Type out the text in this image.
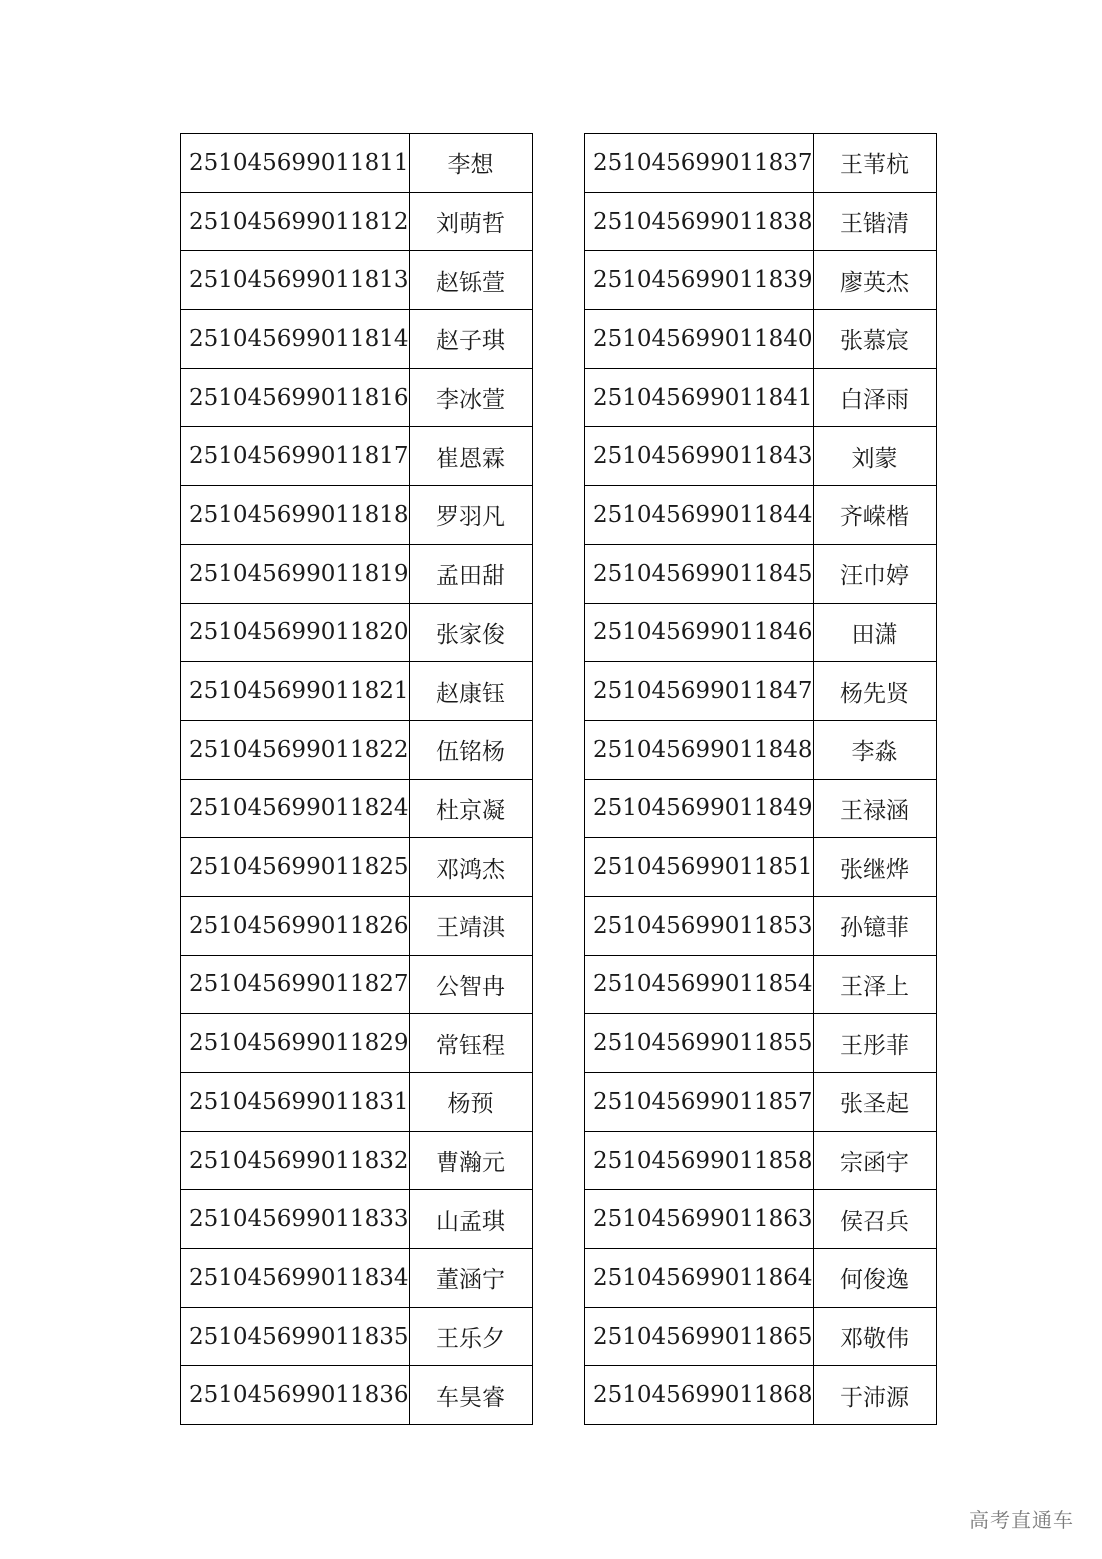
251045699011811	李想
251045699011812	刘萌哲
251045699011813	赵铄萱
251045699011814	赵子琪
251045699011816	李冰萱
251045699011817	崔恩霖
251045699011818	罗羽凡
251045699011819	孟田甜
251045699011820	张家俊
251045699011821	赵康钰
251045699011822	伍铭杨
251045699011824	杜京凝
251045699011825	邓鸿杰
251045699011826	王靖淇
251045699011827	公智冉
251045699011829	常钰程
251045699011831	杨预
251045699011832	曹瀚元
251045699011833	山孟琪
251045699011834	董涵宁
251045699011835	王乐夕
251045699011836	车昊睿
251045699011837	王苇杭
251045699011838	王锴清
251045699011839	廖英杰
251045699011840	张慕宸
251045699011841	白泽雨
251045699011843	刘蒙
251045699011844	齐嵘楷
251045699011845	汪巾婷
251045699011846	田潇
251045699011847	杨先贤
251045699011848	李淼
251045699011849	王禄涵
251045699011851	张继烨
251045699011853	孙镱菲
251045699011854	王泽上
251045699011855	王彤菲
251045699011857	张圣起
251045699011858	宗函宇
251045699011863	侯召兵
251045699011864	何俊逸
251045699011865	邓敬伟
251045699011868	于沛源
高考直通车
